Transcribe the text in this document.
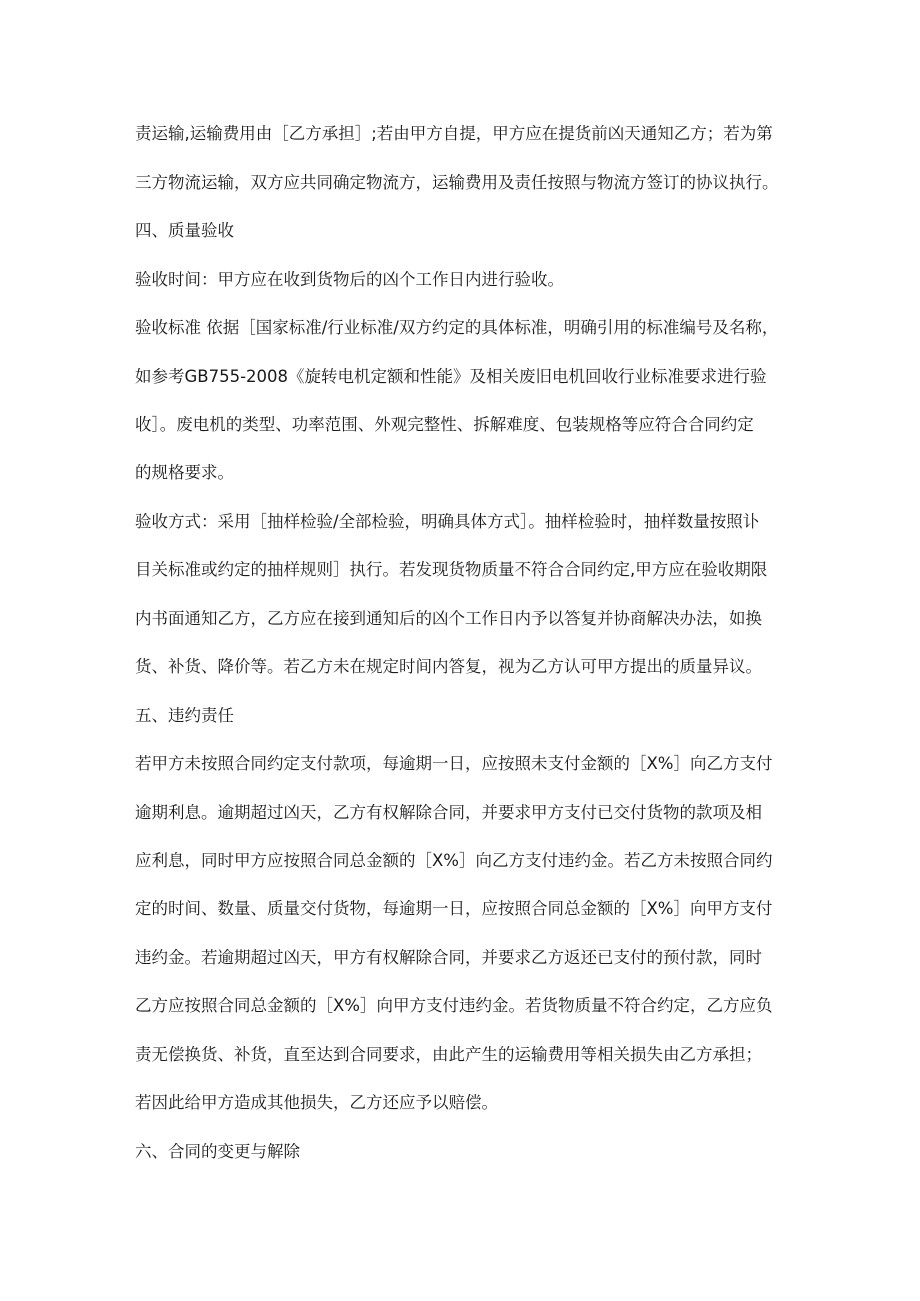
责运输,运输费用由［乙方承担］;若由甲方自提，甲方应在提货前凶天通知乙方；若为第
三方物流运输，双方应共同确定物流方，运输费用及责任按照与物流方签订的协议执行。
四、质量验收
验收时间：甲方应在收到货物后的凶个工作日内进行验收。
验收标准 依据［国家标准/行业标准/双方约定的具体标准，明确引用的标准编号及名称，
如参考GB755-2008《旋转电机定额和性能》及相关废旧电机回收行业标准要求进行验
收］。废电机的类型、功率范围、外观完整性、拆解难度、包装规格等应符合合同约定
的规格要求。
验收方式：采用［抽样检验/全部检验，明确具体方式］。抽样检验时，抽样数量按照讣
目关标准或约定的抽样规则］执行。若发现货物质量不符合合同约定,甲方应在验收期限
内书面通知乙方，乙方应在接到通知后的凶个工作日内予以答复并协商解决办法，如换
货、补货、降价等。若乙方未在规定时间内答复，视为乙方认可甲方提出的质量异议。
五、违约责任
若甲方未按照合同约定支付款项，每逾期一日，应按照未支付金额的［X%］向乙方支付
逾期利息。逾期超过凶天，乙方有权解除合同，并要求甲方支付已交付货物的款项及相
应利息，同时甲方应按照合同总金额的［X%］向乙方支付违约金。若乙方未按照合同约
定的时间、数量、质量交付货物，每逾期一日，应按照合同总金额的［X%］向甲方支付
违约金。若逾期超过凶天，甲方有权解除合同，并要求乙方返还已支付的预付款，同时
乙方应按照合同总金额的［X%］向甲方支付违约金。若货物质量不符合约定，乙方应负
责无偿换货、补货，直至达到合同要求，由此产生的运输费用等相关损失由乙方承担；
若因此给甲方造成其他损失，乙方还应予以赔偿。
六、合同的变更与解除
